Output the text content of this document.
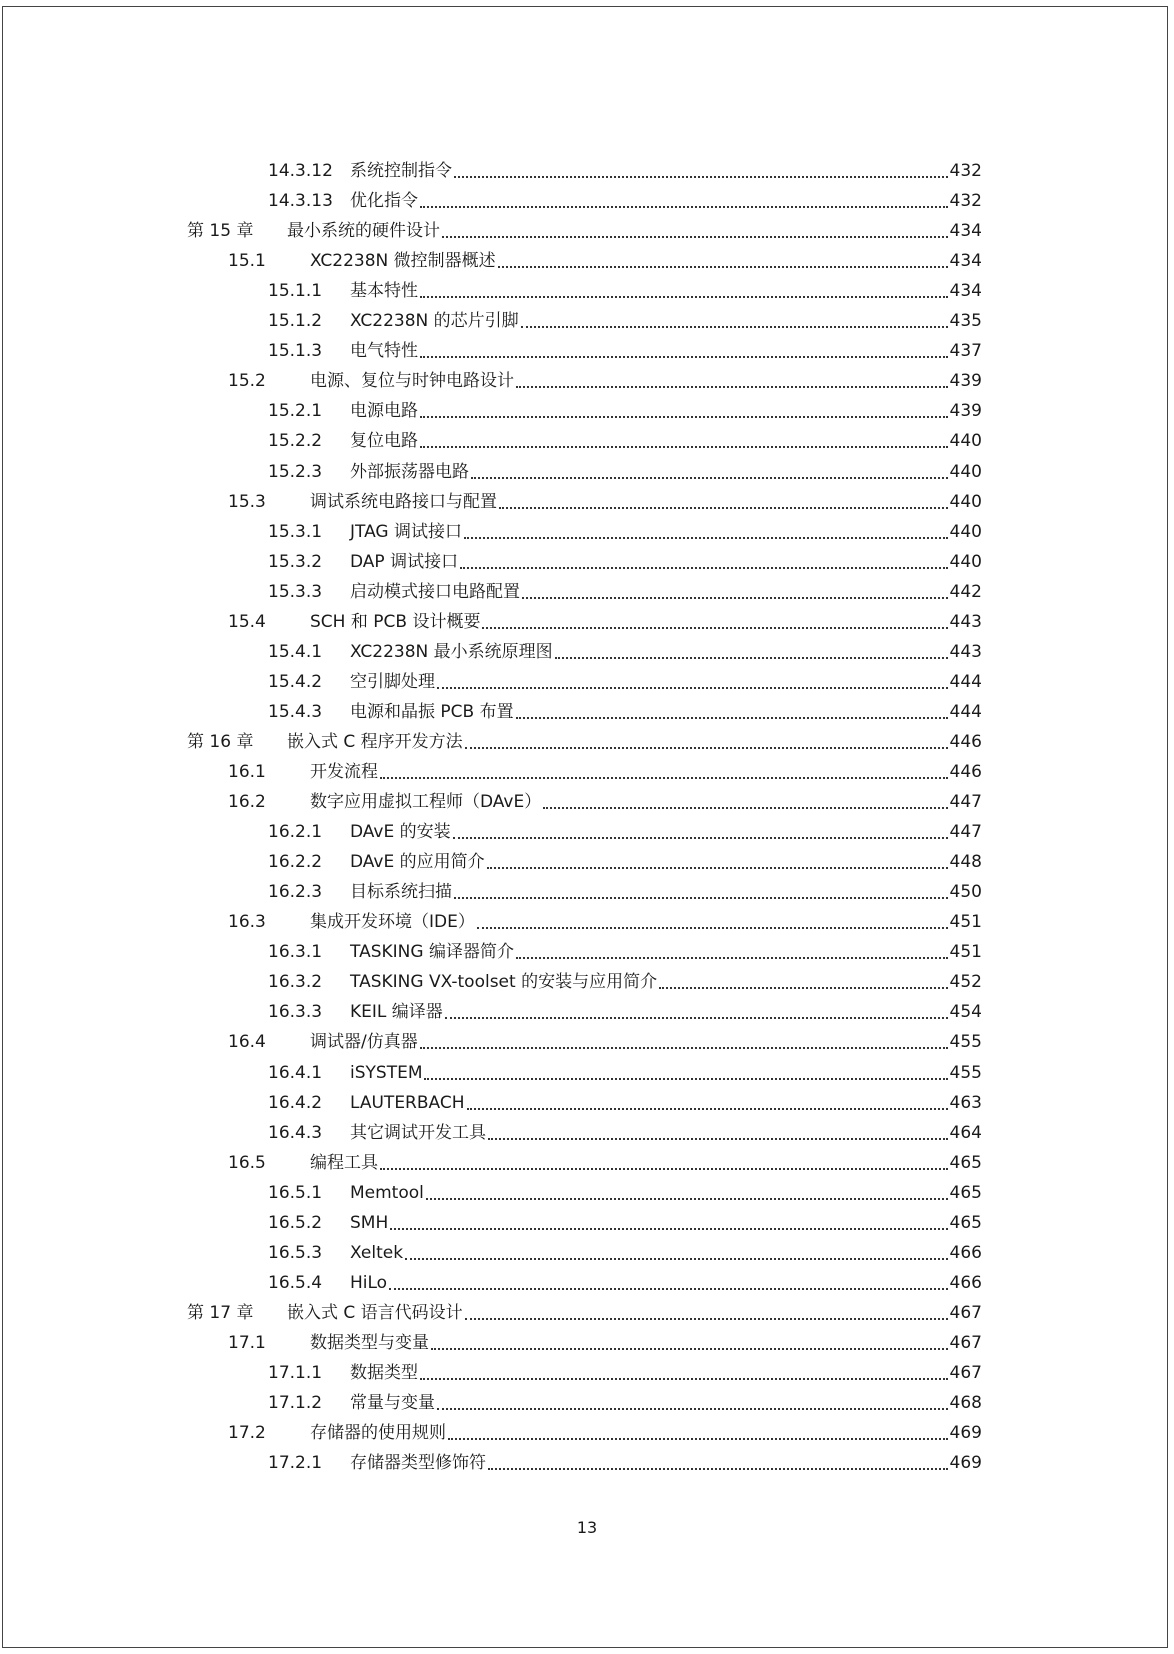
14.3.12	系统控制指令	432
14.3.13	优化指令	432
第 15 章	最小系统的硬件设计	434
15.1	XC2238N 微控制器概述	434
15.1.1	基本特性	434
15.1.2	XC2238N 的芯片引脚	435
15.1.3	电气特性	437
15.2	电源、复位与时钟电路设计	439
15.2.1	电源电路	439
15.2.2	复位电路	440
15.2.3	外部振荡器电路	440
15.3	调试系统电路接口与配置	440
15.3.1	JTAG 调试接口	440
15.3.2	DAP 调试接口	440
15.3.3	启动模式接口电路配置	442
15.4	SCH 和 PCB 设计概要	443
15.4.1	XC2238N 最小系统原理图	443
15.4.2	空引脚处理	444
15.4.3	电源和晶振 PCB 布置	444
第 16 章	嵌入式 C 程序开发方法	446
16.1	开发流程	446
16.2	数字应用虚拟工程师（DAvE）	447
16.2.1	DAvE 的安装	447
16.2.2	DAvE 的应用简介	448
16.2.3	目标系统扫描	450
16.3	集成开发环境（IDE）	451
16.3.1	TASKING 编译器简介	451
16.3.2	TASKING VX-toolset 的安装与应用简介	452
16.3.3	KEIL 编译器	454
16.4	调试器/仿真器	455
16.4.1	iSYSTEM	455
16.4.2	LAUTERBACH	463
16.4.3	其它调试开发工具	464
16.5	编程工具	465
16.5.1	Memtool	465
16.5.2	SMH	465
16.5.3	Xeltek	466
16.5.4	HiLo	466
第 17 章	嵌入式 C 语言代码设计	467
17.1	数据类型与变量	467
17.1.1	数据类型	467
17.1.2	常量与变量	468
17.2	存储器的使用规则	469
17.2.1	存储器类型修饰符	469
13
